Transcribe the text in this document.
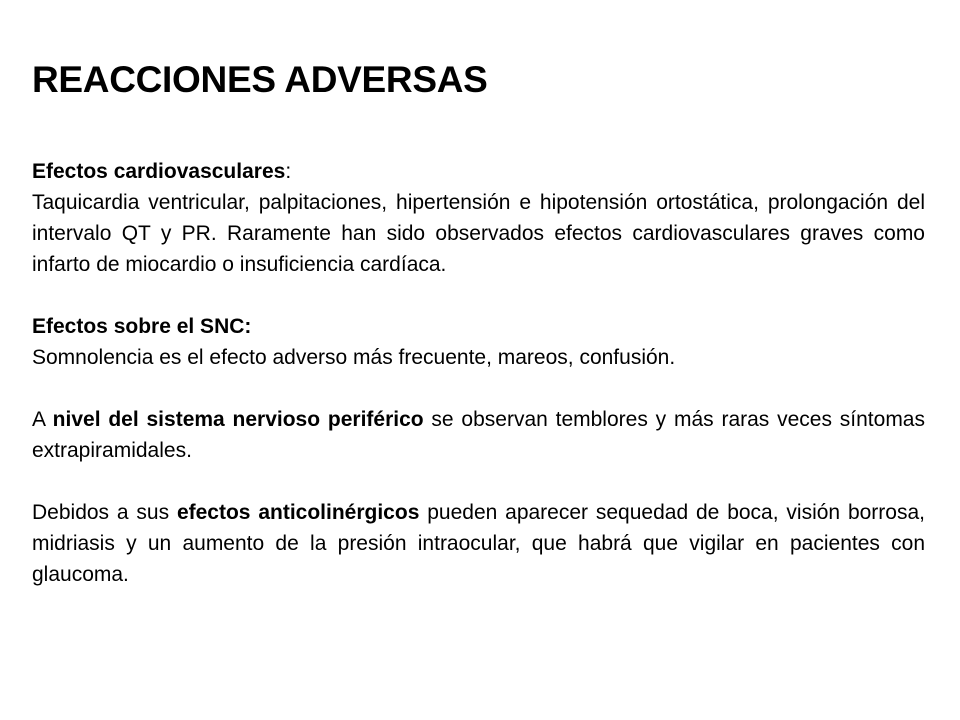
REACCIONES ADVERSAS

Efectos cardiovasculares:
Taquicardia ventricular, palpitaciones, hipertensión e hipotensión ortostática, prolongación del intervalo QT y PR. Raramente han sido observados efectos cardiovasculares graves como infarto de miocardio o insuficiencia cardíaca.

Efectos sobre el SNC:
Somnolencia es el efecto adverso más frecuente, mareos, confusión.

A nivel del sistema nervioso periférico se observan temblores y más raras veces síntomas extrapiramidales.

Debidos a sus efectos anticolinérgicos pueden aparecer sequedad de boca, visión borrosa, midriasis y un aumento de la presión intraocular, que habrá que vigilar en pacientes con glaucoma.
